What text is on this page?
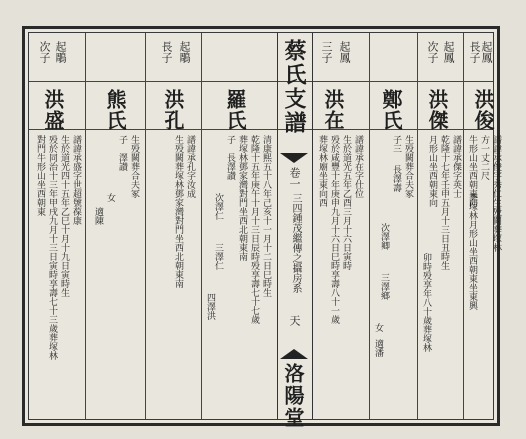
蔡氏支譜
卷一
三四鍾茂繼傳之攝房系
天
洛陽堂
起鵰
次子
洪盛
譜諱承盛字世超號葆康
生於道光四十五年乙巳十月十九日寅時生
殁於同治十三年甲戌九月十三日寅時享壽七十三歲葬塚林
對門牛形山坐西朝東
熊氏
生殁闕葬合夫冢
子
澤讃
女
適陳
起鵰
長子
洪孔
譜諱承孔字汝成
生殁闕葬塚林鄧家灣對門坐西北朝東南
羅氏
清康熙五十八年己亥十一月十二日巳時生
乾隆十五年庚午十月十三日辰時殁享壽七十七歲
葬塚林鄧家灣對門坐西北朝東南
子
長澤讃
次澤仁
三澤仁
四澤洪
起鳳
三子
洪在
譜諱承在字仕位
生於道光五年乙酉三月十六日寅時
殁於咸豐十年庚申九月十六日巳時享壽八十一歲
葬塚林廟坐東向西
鄭氏
生殁闕葬合夫冢
子三
長澤壽
次澤卿
三澤鄉
女
適潘
起鳳
次子
洪傑
譜諱承傑字英士
乾隆十七年壬申五月十三日丑時生
月形山坐西朝東向
卯時殁享年八十歲葬塚林
起鳳
長子
洪俊
譜諱承俊字秀仁生殁闕葬塚林
方一丈二尺
葬塚林月形山坐西朝東坐東興
牛形山坐西朝東向
